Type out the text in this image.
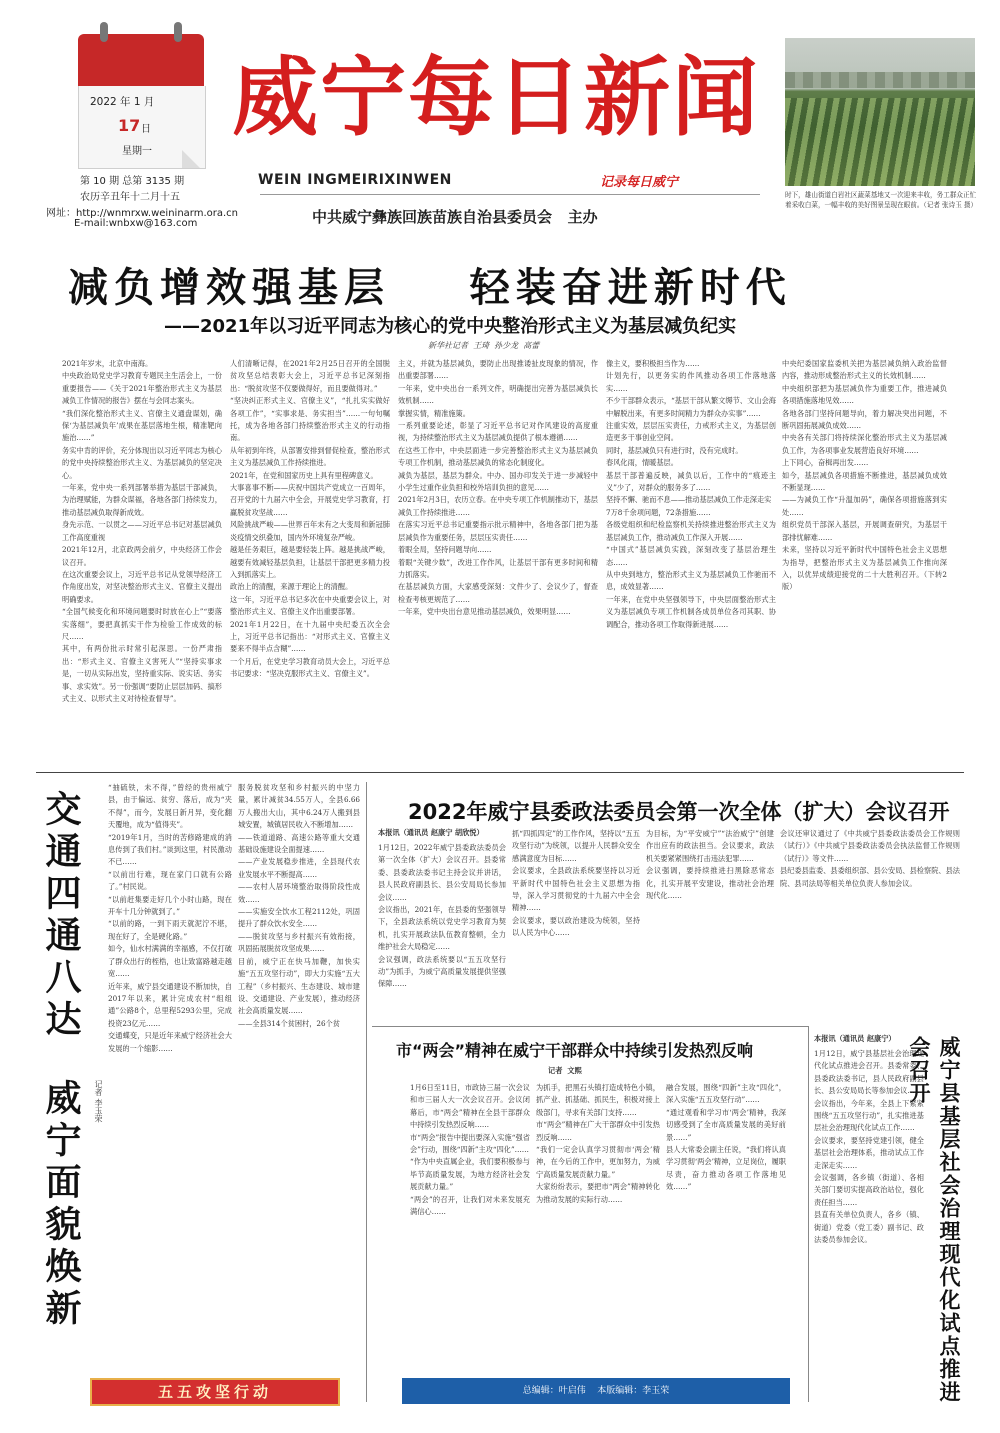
2022 年 1 月
17 日
星期一
第 10 期 总第 3135 期
农历辛丑年十二月十五
网址：http://wnmrxw.weininarm.ora.cn
E-mail:wnbxw@163.com
威宁每日新闻
WEIN INGMEIRIXINWEN	记录每日威宁
中共威宁彝族回族苗族自治县委员会   主办
时下，雄山街道白岩社区蔬菜基地又一次迎来丰收，务工群众正忙着采收白菜，一幅丰收的美好图景呈现在眼前。（记者 张诗玉 摄）
减负增效强基层    轻装奋进新时代
——2021年以习近平同志为核心的党中央整治形式主义为基层减负纪实
新华社记者  王琦  孙少龙  高蕾
2021年岁末，北京中南海。
中央政治局党史学习教育专题民主生活会上，一份重要报告——《关于2021年整治形式主义为基层减负工作情况的报告》摆在与会同志案头。
“我们深化整治形式主义、官僚主义通盘谋划，确保‘为基层减负年’成果在基层落地生根，精准靶向施治……”
务实中肯的评价，充分体现出以习近平同志为核心的党中央持续整治形式主义、为基层减负的坚定决心。
一年来，党中央一系列部署举措为基层干部减负，为治理赋能，为群众谋福，各地各部门持续发力，推动基层减负取得新成效。
身先示范、一以贯之——习近平总书记对基层减负工作高度重视
2021年12月，北京政两会前夕，中央经济工作会议召开。
在这次重要会议上，习近平总书记从党领导经济工作角度出发，对坚决整治形式主义、官僚主义提出明确要求。
“全国气候变化和环境问题要时时放在心上”“要落实落细”，要把真抓实干作为检验工作成效的标尺……
其中，有两份批示时常引起深思。一份严肃指出：“形式主义、官僚主义害死人”“坚持实事求是，一切从实际出发，坚持重实际、说实话、务实事、求实效”。另一份强调“要防止层层加码、搞形式主义、以形式主义对待检查督导”。
人们清晰记得，在2021年2月25日召开的全国脱贫攻坚总结表彰大会上，习近平总书记深刻指出：“脱贫攻坚不仅要做得好，而且要做得对。”
“坚决纠正形式主义、官僚主义”，“扎扎实实做好各项工作”，“实事求是、务实担当”……一句句嘱托，成为各地各部门持续整治形式主义的行动指南。
从年初到年终，从部署安排到督促检查，整治形式主义为基层减负工作持续推进。
2021年，在党和国家历史上具有里程碑意义。
大事喜事不断——庆祝中国共产党成立一百周年，召开党的十九届六中全会，开展党史学习教育，打赢脱贫攻坚战……
风险挑战严峻——世界百年未有之大变局和新冠肺炎疫情交织叠加，国内外环境复杂严峻。
越是任务艰巨，越是要轻装上阵。越是挑战严峻，越要有效减轻基层负担，让基层干部把更多精力投入到抓落实上。
政治上的清醒，来源于理论上的清醒。
这一年，习近平总书记多次在中央重要会议上，对整治形式主义、官僚主义作出重要部署。
2021年1月22日，在十九届中央纪委五次全会上，习近平总书记指出：“对形式主义、官僚主义要来不得半点含糊”……
一个月后，在党史学习教育动员大会上，习近平总书记要求：“坚决克服形式主义、官僚主义”。
主义，并就为基层减负，要防止出现推诿扯皮现象的情况，作出重要部署……
一年来，党中央出台一系列文件，明确提出完善为基层减负长效机制……
掌握实情，精准施策。
一系列重要论述，彰显了习近平总书记对作风建设的高度重视，为持续整治形式主义为基层减负提供了根本遵循……
在这些工作中，中央层面进一步完善整治形式主义为基层减负专项工作机制，推动基层减负的常态化制度化。
减负为基层，基层为群众。中办、国办印发关于进一步减轻中小学生过重作业负担和校外培训负担的意见……
2021年2月3日，农历立春。在中央专项工作机制推动下，基层减负工作持续推进……
在落实习近平总书记重要指示批示精神中，各地各部门把为基层减负作为重要任务，层层压实责任……
着眼全局，坚持问题导向……
着眼“关键少数”，改进工作作风，让基层干部有更多时间和精力抓落实。
在基层减负方面，大家感受深刻：文件少了、会议少了，督查检查考核更规范了……
一年来，党中央出台意见推动基层减负，效果明显……
像主义，要积极担当作为……
计划先行，以更务实的作风推动各项工作落地落实……
不少干部群众表示，“基层干部从繁文缛节、文山会海中解脱出来，有更多时间精力为群众办实事”……
注重实效，层层压实责任，力戒形式主义，为基层创造更多干事创业空间。
同时，基层减负只有进行时，没有完成时。
春风化雨，情暖基层。
基层干部普遍反映，减负以后，工作中的“痕迹主义”少了，对群众的服务多了……
坚持不懈、驰而不息——推动基层减负工作走深走实
7万8千余项问题，72条措施……
各级党组织和纪检监察机关持续推进整治形式主义为基层减负工作，推动减负工作深入开展……
“中国式”基层减负实践，深刻改变了基层治理生态……
从中央到地方，整治形式主义为基层减负工作驰而不息，成效显著……
一年来，在党中央坚强领导下，中央层面整治形式主义为基层减负专项工作机制各成员单位各司其职、协调配合，推动各项工作取得新进展……
中央纪委国家监委机关把为基层减负纳入政治监督内容，推动形成整治形式主义的长效机制……
中央组织部把为基层减负作为重要工作，推进减负各项措施落地见效……
各地各部门坚持问题导向，着力解决突出问题，不断巩固拓展减负成效……
中央各有关部门将持续深化整治形式主义为基层减负工作，为各项事业发展营造良好环境……
上下同心，奋楫再出发……
如今，基层减负各项措施不断推进，基层减负成效不断显现……
——为减负工作“升温加码”，确保各项措施落到实处……
组织党员干部深入基层，开展调查研究，为基层干部排忧解难……
未来，坚持以习近平新时代中国特色社会主义思想为指导，把整治形式主义为基层减负工作推向深入，以优异成绩迎接党的二十大胜利召开。（下转2版）
交通四通八达  威宁面貌焕新	记者 李玉荣
“抽硫铁，未不得，”曾经的贵州威宁县，由于偏远、贫穷、落后，成为“夹不得”，而今，发展日新月异，变化翻天覆地，成为“值得夹”。
“2019年1月，当时的苦修路建成的消息传到了我们村。”谈到这里，村民激动不已……
“以前出行难，现在家门口就有公路了。”村民说。
“以前赶集要走好几个小时山路，现在开车十几分钟就到了。”
“以前的路，一到下雨天就泥泞不堪，现在好了，全是硬化路。”
如今，仙水村满满的幸福感，不仅打破了群众出行的桎梏，也让致富路越走越宽……
近年来，威宁县交通建设不断加快，自2017年以来，累计完成农村“组组通”公路8个，总里程5293公里，完成投资23亿元……
交通蝶变，只是近年来威宁经济社会大发展的一个缩影……
服务脱贫攻坚和乡村振兴的中坚力量，累计减贫34.55万人，全县6.66万人搬出大山，其中6.24万人搬到县城安置，城镇居民收入不断增加……
——铁道道路、高速公路等重大交通基础设施建设全面提速……
——产业发展稳步推进，全县现代农业发展水平不断提高……
——农村人居环境整治取得阶段性成效……
——实施安全饮水工程2112处，巩固提升了群众饮水安全……
——脱贫攻坚与乡村振兴有效衔接，巩固拓展脱贫攻坚成果……
目前，威宁正在快马加鞭，加快实施“五五攻坚行动”，即大力实施“五大工程”（乡村振兴、生态建设、城市建设、交通建设、产业发展），推动经济社会高质量发展……
——全县314个贫困村，26个贫
五五攻坚行动
2022年威宁县委政法委员会第一次全体（扩大）会议召开
本报讯（通讯员 赵康宁 胡欣悦）
1月12日，2022年威宁县委政法委员会第一次全体（扩大）会议召开。县委常委、县委政法委书记主持会议并讲话，县人民政府副县长、县公安局局长参加会议……
会议指出，2021年，在县委的坚强领导下，全县政法系统以党史学习教育为契机，扎实开展政法队伍教育整顿，全力维护社会大局稳定……
会议强调，政法系统要以“五五攻坚行动”为抓手，为威宁高质量发展提供坚强保障……
抓“四抓四定”的工作作风，坚持以“五五攻坚行动”为统领，以提升人民群众安全感满意度为目标……
会议要求，全县政法系统要坚持以习近平新时代中国特色社会主义思想为指导，深入学习贯彻党的十九届六中全会精神……
会议要求，要以政治建设为统领，坚持以人民为中心……
为目标，为“平安威宁”“法治威宁”创建作出应有的政法担当。会议要求，政法机关要紧紧围绕打击违法犯罪……
会议强调，要持续推进扫黑除恶常态化，扎实开展平安建设，推动社会治理现代化……
会议还审议通过了《中共威宁县委政法委员会工作规则（试行）》《中共威宁县委政法委员会执法监督工作规则（试行）》等文件……
县纪委县监委、县委组织部、县公安局、县检察院、县法院、县司法局等相关单位负责人参加会议。
市“两会”精神在威宁干部群众中持续引发热烈反响
记者  文熙
1月6日至11日，市政协三届一次会议和市三届人大一次会议召开。会议闭幕后，市“两会”精神在全县干部群众中持续引发热烈反响……
市“两会”报告中提出要深入实施“强省会”行动，围绕“四新”主攻“四化”……
“作为中央直属企业，我们要积极参与毕节高质量发展，为地方经济社会发展贡献力量。”
“两会”的召开，让我们对未来发展充满信心……
为抓手，把黑石头镇打造成特色小镇，抓产业、抓基础、抓民生，积极对接上级部门，寻求有关部门支持……
市“两会”精神在广大干部群众中引发热烈反响……
“我们一定会认真学习贯彻市‘两会’精神，在今后的工作中，更加努力，为威宁高质量发展贡献力量。”
大家纷纷表示，要把市“两会”精神转化为推动发展的实际行动……
融合发展，围绕“四新”主攻“四化”，深入实施“五五攻坚行动”……
“通过观看和学习市‘两会’精神，我深切感受到了全市高质量发展的美好前景……”
县人大常委会副主任说，“我们将认真学习贯彻‘两会’精神，立足岗位，履职尽责，奋力推动各项工作落地见效……”
总编辑：叶启伟    本版编辑：李玉荣
本报讯（通讯员 赵康宁）
1月12日，威宁县基层社会治理现代化试点推进会召开。县委常委、县委政法委书记，县人民政府副县长、县公安局局长等参加会议……
会议指出，今年来，全县上下紧紧围绕“五五攻坚行动”，扎实推进基层社会治理现代化试点工作……
会议要求，要坚持党建引领，健全基层社会治理体系，推动试点工作走深走实……
会议强调，各乡镇（街道）、各相关部门要切实提高政治站位，强化责任担当……
县直有关单位负责人，各乡（镇、街道）党委（党工委）副书记、政法委员参加会议。	威宁县基层社会治理现代化试点推进会召开
